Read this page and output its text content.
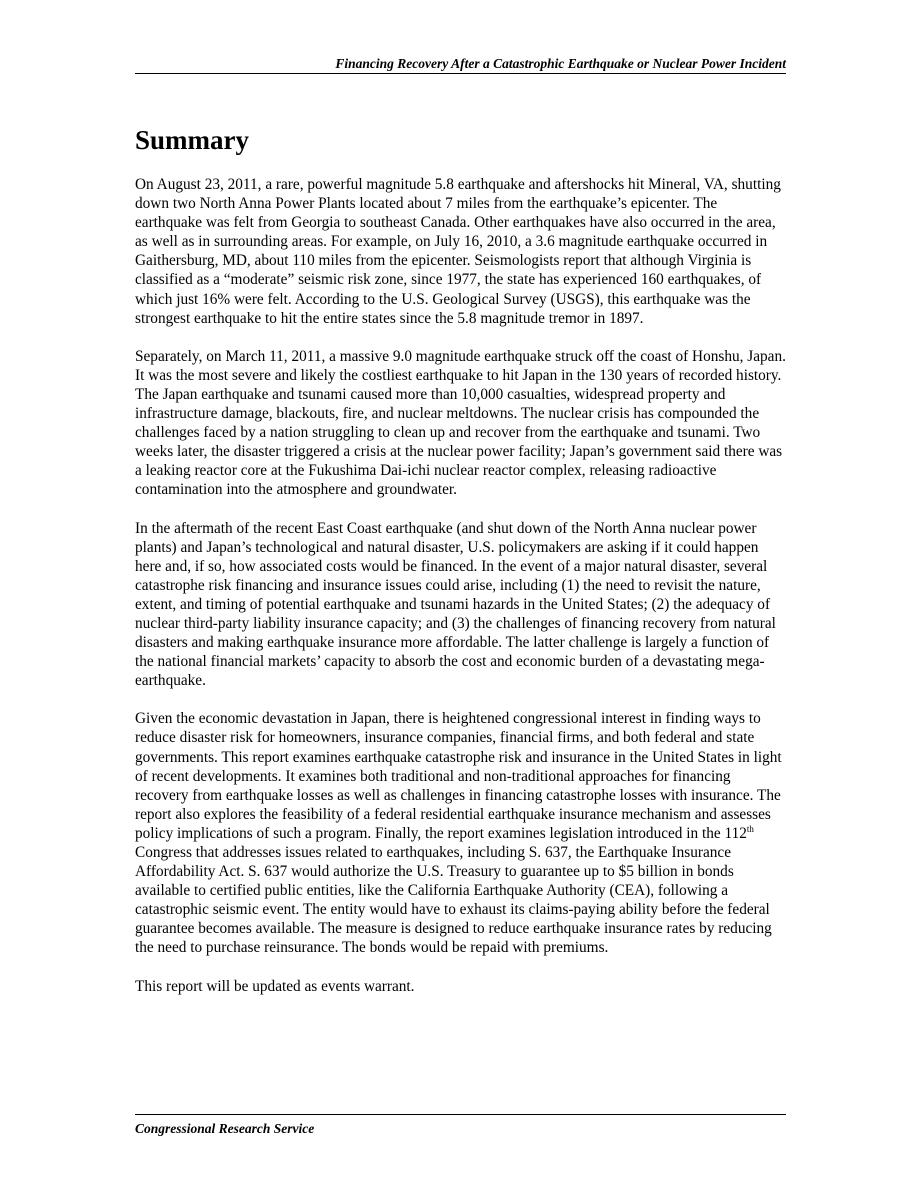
Financing Recovery After a Catastrophic Earthquake or Nuclear Power Incident
Summary

On August 23, 2011, a rare, powerful magnitude 5.8 earthquake and aftershocks hit Mineral, VA, shutting down two North Anna Power Plants located about 7 miles from the earthquake’s epicenter. The earthquake was felt from Georgia to southeast Canada. Other earthquakes have also occurred in the area, as well as in surrounding areas. For example, on July 16, 2010, a 3.6 magnitude earthquake occurred in Gaithersburg, MD, about 110 miles from the epicenter. Seismologists report that although Virginia is classified as a “moderate” seismic risk zone, since 1977, the state has experienced 160 earthquakes, of which just 16% were felt. According to the U.S. Geological Survey (USGS), this earthquake was the strongest earthquake to hit the entire states since the 5.8 magnitude tremor in 1897.

Separately, on March 11, 2011, a massive 9.0 magnitude earthquake struck off the coast of Honshu, Japan. It was the most severe and likely the costliest earthquake to hit Japan in the 130 years of recorded history. The Japan earthquake and tsunami caused more than 10,000 casualties, widespread property and infrastructure damage, blackouts, fire, and nuclear meltdowns. The nuclear crisis has compounded the challenges faced by a nation struggling to clean up and recover from the earthquake and tsunami. Two weeks later, the disaster triggered a crisis at the nuclear power facility; Japan’s government said there was a leaking reactor core at the Fukushima Dai-ichi nuclear reactor complex, releasing radioactive contamination into the atmosphere and groundwater.

In the aftermath of the recent East Coast earthquake (and shut down of the North Anna nuclear power plants) and Japan’s technological and natural disaster, U.S. policymakers are asking if it could happen here and, if so, how associated costs would be financed. In the event of a major natural disaster, several catastrophe risk financing and insurance issues could arise, including (1) the need to revisit the nature, extent, and timing of potential earthquake and tsunami hazards in the United States; (2) the adequacy of nuclear third-party liability insurance capacity; and (3) the challenges of financing recovery from natural disasters and making earthquake insurance more affordable. The latter challenge is largely a function of the national financial markets’ capacity to absorb the cost and economic burden of a devastating mega-earthquake.

Given the economic devastation in Japan, there is heightened congressional interest in finding ways to reduce disaster risk for homeowners, insurance companies, financial firms, and both federal and state governments. This report examines earthquake catastrophe risk and insurance in the United States in light of recent developments. It examines both traditional and non-traditional approaches for financing recovery from earthquake losses as well as challenges in financing catastrophe losses with insurance. The report also explores the feasibility of a federal residential earthquake insurance mechanism and assesses policy implications of such a program. Finally, the report examines legislation introduced in the 112th Congress that addresses issues related to earthquakes, including S. 637, the Earthquake Insurance Affordability Act. S. 637 would authorize the U.S. Treasury to guarantee up to $5 billion in bonds available to certified public entities, like the California Earthquake Authority (CEA), following a catastrophic seismic event. The entity would have to exhaust its claims-paying ability before the federal guarantee becomes available. The measure is designed to reduce earthquake insurance rates by reducing the need to purchase reinsurance. The bonds would be repaid with premiums.

This report will be updated as events warrant.

Congressional Research Service
